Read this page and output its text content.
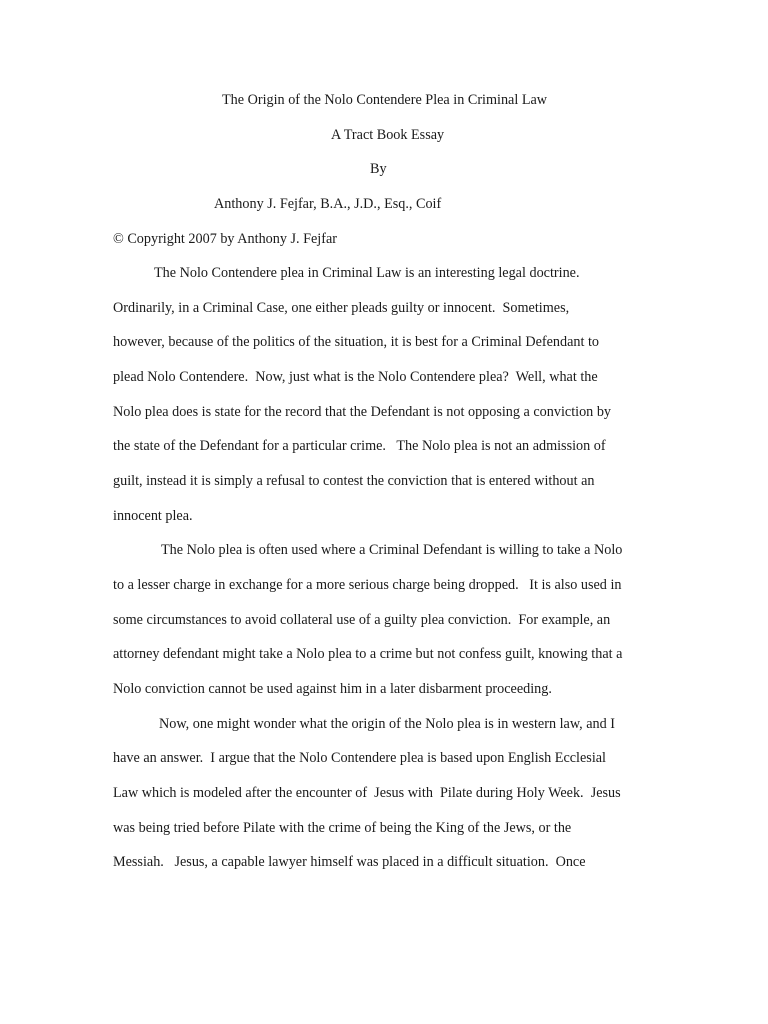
The Origin of the Nolo Contendere Plea in Criminal Law
A Tract Book Essay
By
Anthony J. Fejfar, B.A., J.D., Esq., Coif
© Copyright 2007 by Anthony J. Fejfar
The Nolo Contendere plea in Criminal Law is an interesting legal doctrine.
Ordinarily, in a Criminal Case, one either pleads guilty or innocent.  Sometimes,
however, because of the politics of the situation, it is best for a Criminal Defendant to
plead Nolo Contendere.  Now, just what is the Nolo Contendere plea?  Well, what the
Nolo plea does is state for the record that the Defendant is not opposing a conviction by
the state of the Defendant for a particular crime.   The Nolo plea is not an admission of
guilt, instead it is simply a refusal to contest the conviction that is entered without an
innocent plea.
The Nolo plea is often used where a Criminal Defendant is willing to take a Nolo
to a lesser charge in exchange for a more serious charge being dropped.   It is also used in
some circumstances to avoid collateral use of a guilty plea conviction.  For example, an
attorney defendant might take a Nolo plea to a crime but not confess guilt, knowing that a
Nolo conviction cannot be used against him in a later disbarment proceeding.
Now, one might wonder what the origin of the Nolo plea is in western law, and I
have an answer.  I argue that the Nolo Contendere plea is based upon English Ecclesial
Law which is modeled after the encounter of  Jesus with  Pilate during Holy Week.  Jesus
was being tried before Pilate with the crime of being the King of the Jews, or the
Messiah.   Jesus, a capable lawyer himself was placed in a difficult situation.  Once
